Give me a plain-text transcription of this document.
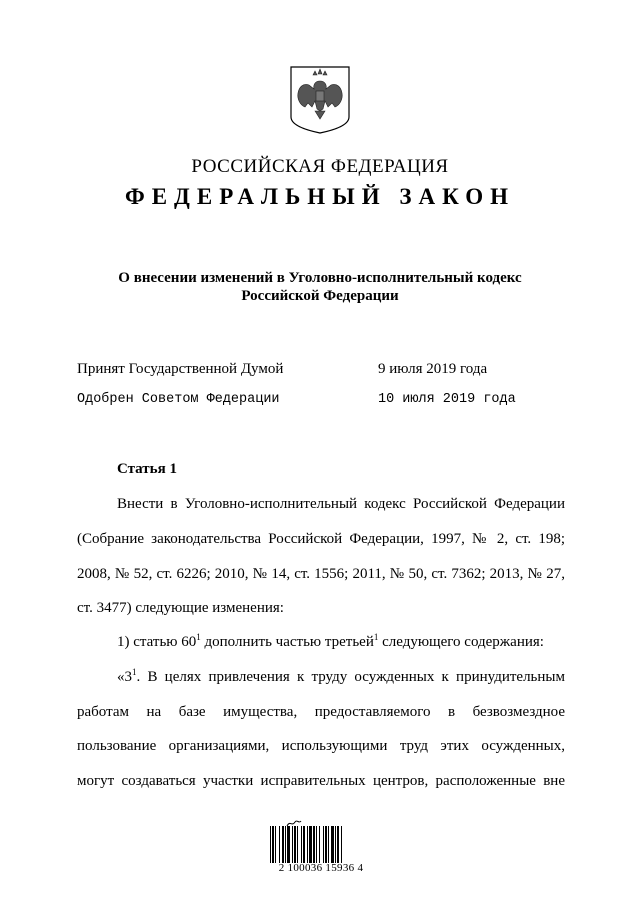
РОССИЙСКАЯ ФЕДЕРАЦИЯ
ФЕДЕРАЛЬНЫЙ ЗАКОН
О внесении изменений в Уголовно-исполнительный кодекс
Российской Федерации
Принят Государственной Думой	9 июля 2019 года
Одобрен Советом Федерации	10 июля 2019 года
Статья 1
Внести в Уголовно-исполнительный кодекс Российской Федерации
(Собрание законодательства Российской Федерации, 1997, № 2, ст. 198;
2008, № 52, ст. 6226; 2010, № 14, ст. 1556; 2011, № 50, ст. 7362; 2013, № 27,
ст. 3477) следующие изменения:
1) статью $60^1$ дополнить частью третьей$^1$ следующего содержания:
«$3^1$. В целях привлечения к труду осужденных к принудительным
работам на базе имущества, предоставляемого в безвозмездное
пользование организациями, использующими труд этих осужденных,
могут создаваться участки исправительных центров, расположенные вне
2 100036 15936 4
